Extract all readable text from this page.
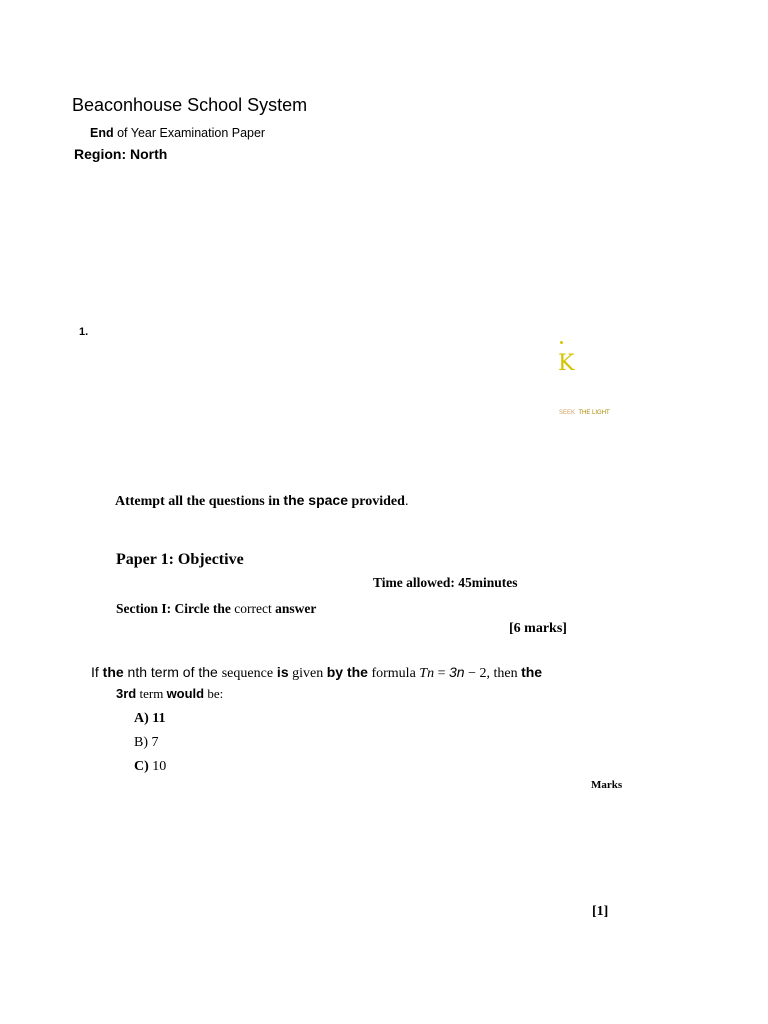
Beaconhouse School System
End of Year Examination Paper
Region: North
1.
K
SEEK THE LIGHT
Attempt all the questions in the space provided.
Paper 1: Objective
Time allowed: 45minutes
Section I: Circle the correct answer
[6 marks]
If the nth term of the sequence is given by the formula Tn = 3n − 2, then the
3rd term would be:
A) 11
B) 7
C) 10
Marks
[1]
